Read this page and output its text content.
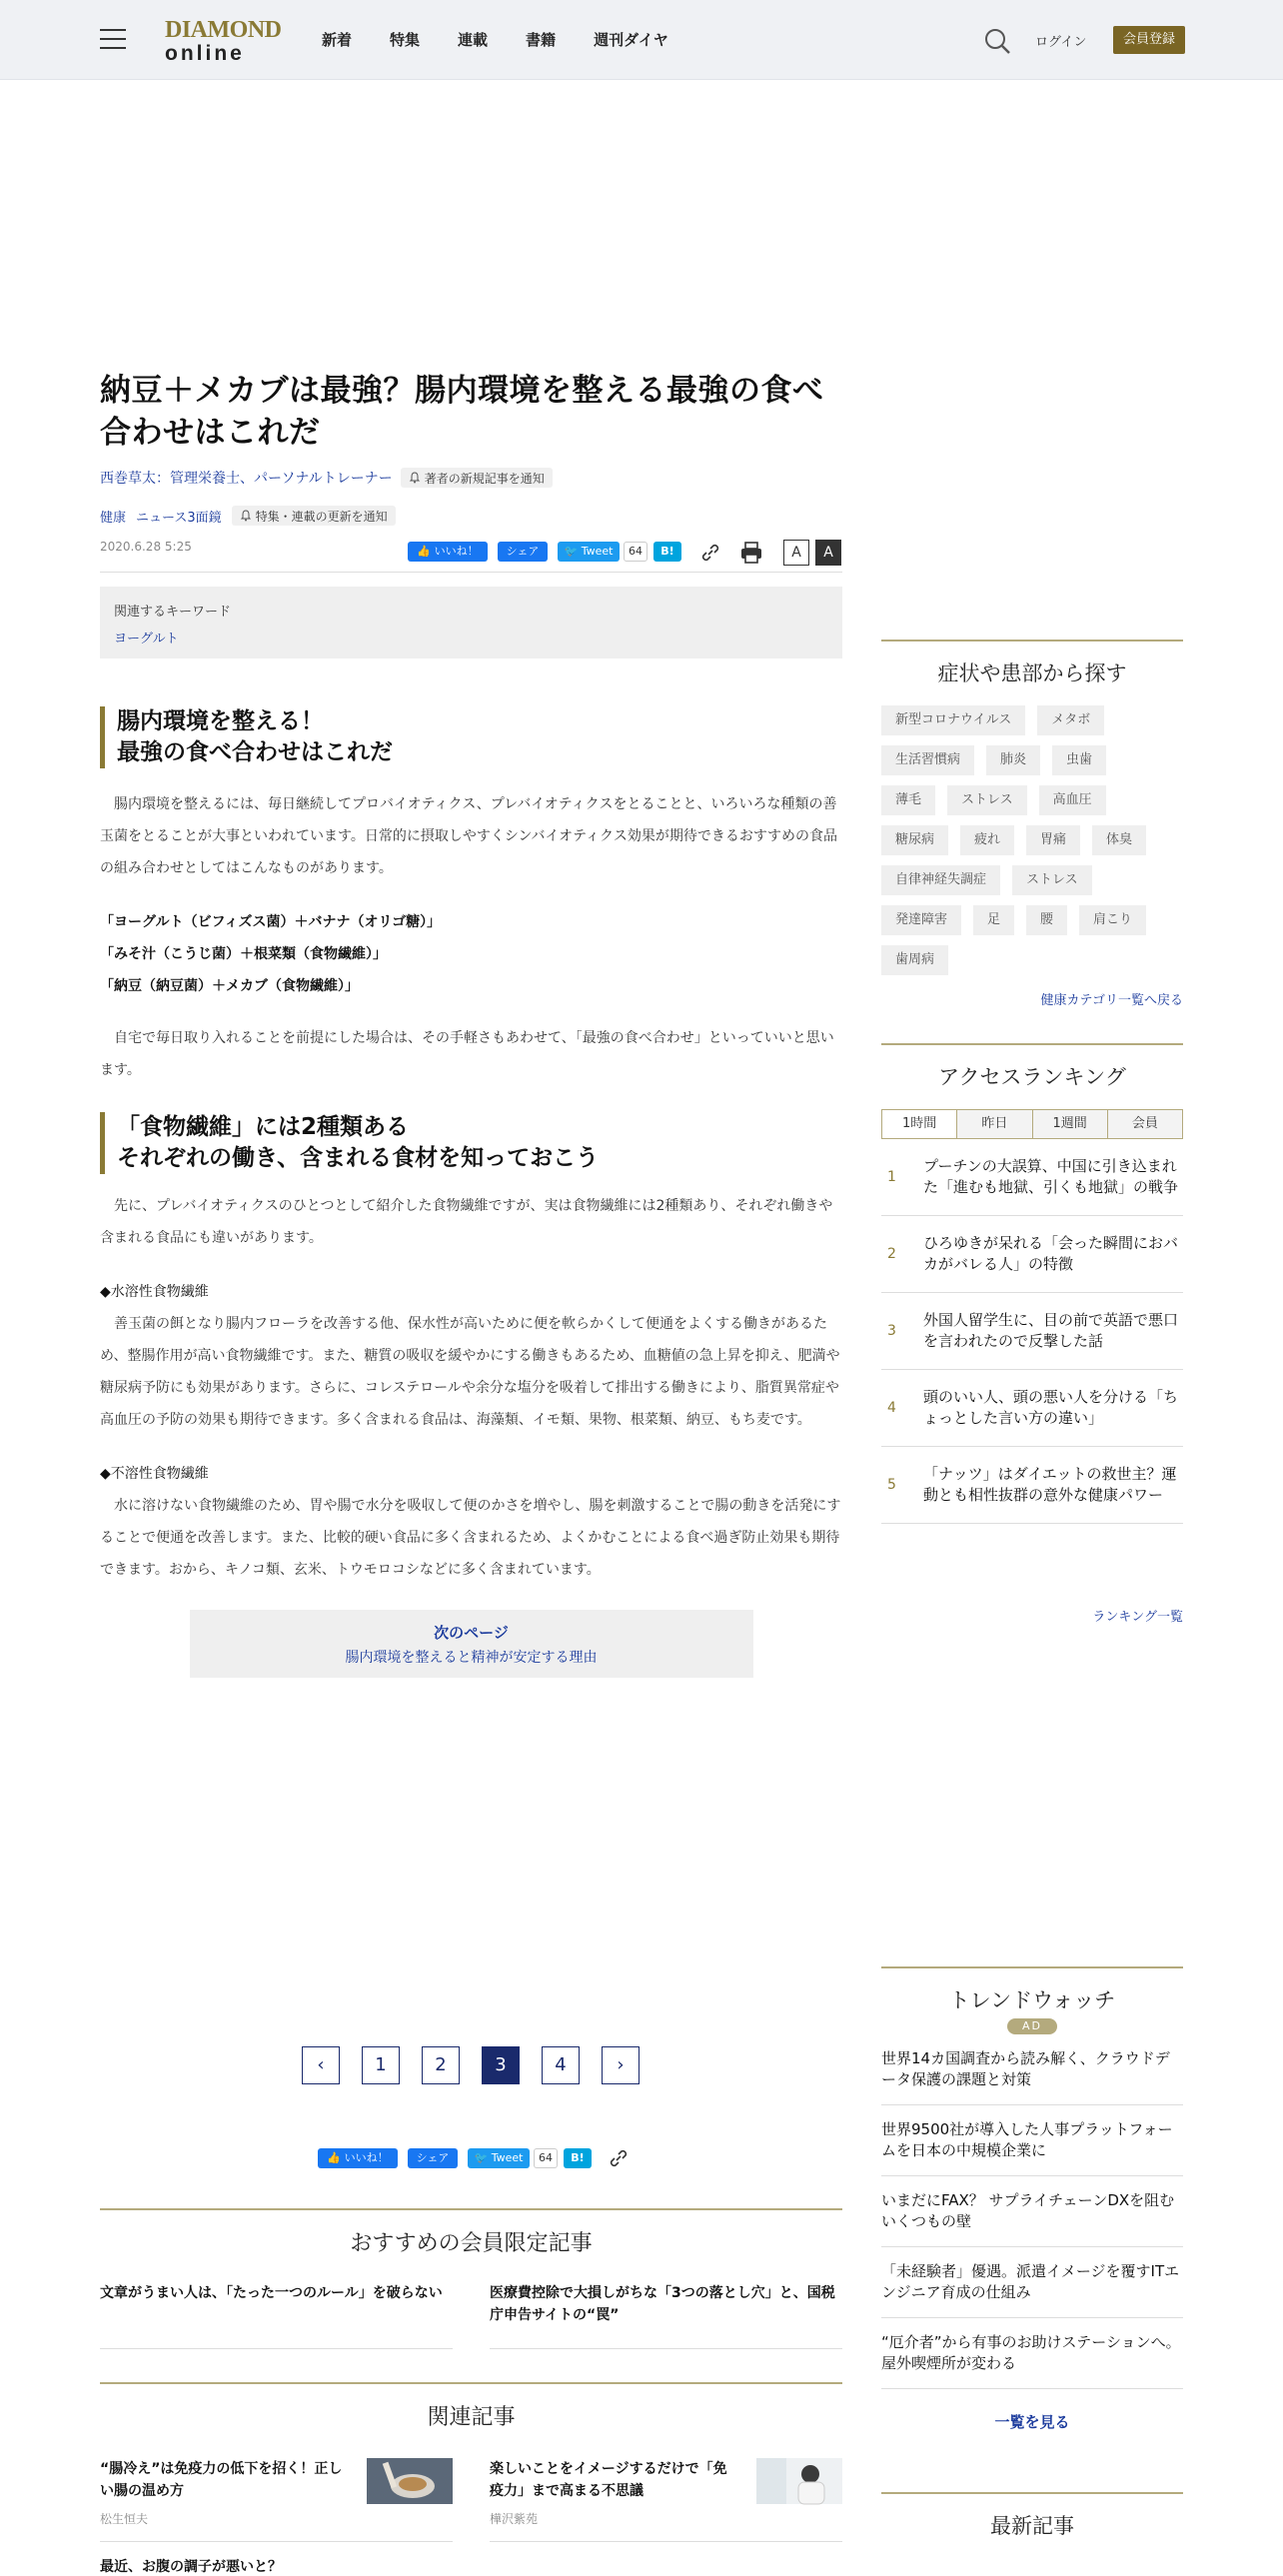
DIAMOND
online
新着	特集	連載	書籍	週刊ダイヤ	ログイン	会員登録
納豆＋メカブは最強？腸内環境を整える最強の食べ合わせはこれだ
西巻草太：管理栄養士、パーソナルトレーナー	著者の新規記事を通知
健康 ニュース3面鏡	特集・連載の更新を通知
2020.6.28 5:25	👍 いいね！	シェア	🐦 Tweet	64	B!	A	A
関連するキーワード
ヨーグルト
腸内環境を整える！
最強の食べ合わせはこれだ

腸内環境を整えるには、毎日継続してプロバイオティクス、プレバイオティクスをとることと、いろいろな種類の善玉菌をとることが大事といわれています。日常的に摂取しやすくシンバイオティクス効果が期待できるおすすめの食品の組み合わせとしてはこんなものがあります。

「ヨーグルト（ビフィズス菌）＋バナナ（オリゴ糖）」
「みそ汁（こうじ菌）＋根菜類（食物繊維）」
「納豆（納豆菌）＋メカブ（食物繊維）」

自宅で毎日取り入れることを前提にした場合は、その手軽さもあわせて、「最強の食べ合わせ」といっていいと思います。

「食物繊維」には2種類ある
それぞれの働き、含まれる食材を知っておこう

先に、プレバイオティクスのひとつとして紹介した食物繊維ですが、実は食物繊維には2種類あり、それぞれ働きや含まれる食品にも違いがあります。

◆水溶性食物繊維

善玉菌の餌となり腸内フローラを改善する他、保水性が高いために便を軟らかくして便通をよくする働きがあるため、整腸作用が高い食物繊維です。また、糖質の吸収を緩やかにする働きもあるため、血糖値の急上昇を抑え、肥満や糖尿病予防にも効果があります。さらに、コレステロールや余分な塩分を吸着して排出する働きにより、脂質異常症や高血圧の予防の効果も期待できます。多く含まれる食品は、海藻類、イモ類、果物、根菜類、納豆、もち麦です。

◆不溶性食物繊維

水に溶けない食物繊維のため、胃や腸で水分を吸収して便のかさを増やし、腸を刺激することで腸の動きを活発にすることで便通を改善します。また、比較的硬い食品に多く含まれるため、よくかむことによる食べ過ぎ防止効果も期待できます。おから、キノコ類、玄米、トウモロコシなどに多く含まれています。

次のページ
腸内環境を整えると精神が安定する理由
‹	1	2	3	4	›
👍 いいね！	シェア	🐦 Tweet	64	B!
おすすめの会員限定記事
文章がうまい人は、「たった一つのルール」を破らない	医療費控除で大損しがちな「3つの落とし穴」と、国税庁申告サイトの“罠”
関連記事
“腸冷え”は免疫力の低下を招く！正しい腸の温め方
松生恒夫
楽しいことをイメージするだけで「免疫力」まで高まる不思議
樺沢紫苑
最近、お腹の調子が悪いと？
症状や患部から探す
新型コロナウイルス	メタボ
生活習慣病	肺炎	虫歯
薄毛	ストレス	高血圧
糖尿病	疲れ	胃痛	体臭
自律神経失調症	ストレス
発達障害	足	腰	肩こり
歯周病
健康カテゴリ一覧へ戻る
アクセスランキング
1時間	昨日	1週間	会員
1
プーチンの大誤算、中国に引き込まれた「進むも地獄、引くも地獄」の戦争
2
ひろゆきが呆れる「会った瞬間におバカがバレる人」の特徴
3
外国人留学生に、目の前で英語で悪口を言われたので反撃した話
4
頭のいい人、頭の悪い人を分ける「ちょっとした言い方の違い」
5
「ナッツ」はダイエットの救世主？運動とも相性抜群の意外な健康パワー
ランキング一覧
トレンドウォッチ
AD
世界14カ国調査から読み解く、クラウドデータ保護の課題と対策
世界9500社が導入した人事プラットフォームを日本の中規模企業に
いまだにFAX？ サプライチェーンDXを阻むいくつもの壁
「未経験者」優遇。派遣イメージを覆すITエンジニア育成の仕組み
“厄介者”から有事のお助けステーションへ。屋外喫煙所が変わる
一覧を見る
最新記事
